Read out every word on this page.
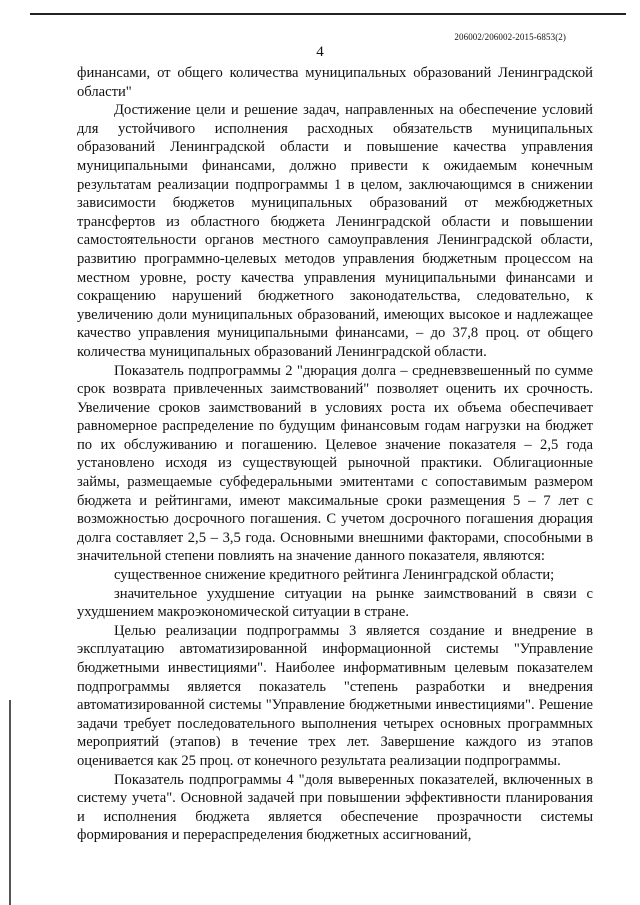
206002/206002-2015-6853(2)
4

финансами, от общего количества муниципальных образований Ленинградской области"

Достижение цели и решение задач, направленных на обеспечение условий для устойчивого исполнения расходных обязательств муниципальных образований Ленинградской области и повышение качества управления муниципальными финансами, должно привести к ожидаемым конечным результатам реализации подпрограммы 1 в целом, заключающимся в снижении зависимости бюджетов муниципальных образований от межбюджетных трансфертов из областного бюджета Ленинградской области и повышении самостоятельности органов местного самоуправления Ленинградской области, развитию программно-целевых методов управления бюджетным процессом на местном уровне, росту качества управления муниципальными финансами и сокращению нарушений бюджетного законодательства, следовательно, к увеличению доли муниципальных образований, имеющих высокое и надлежащее качество управления муниципальными финансами, – до 37,8 проц. от общего количества муниципальных образований Ленинградской области.

Показатель подпрограммы 2 "дюрация долга – средневзвешенный по сумме срок возврата привлеченных заимствований" позволяет оценить их срочность. Увеличение сроков заимствований в условиях роста их объема обеспечивает равномерное распределение по будущим финансовым годам нагрузки на бюджет по их обслуживанию и погашению. Целевое значение показателя – 2,5 года установлено исходя из существующей рыночной практики. Облигационные займы, размещаемые субфедеральными эмитентами с сопоставимым размером бюджета и рейтингами, имеют максимальные сроки размещения 5 – 7 лет с возможностью досрочного погашения. С учетом досрочного погашения дюрация долга составляет 2,5 – 3,5 года. Основными внешними факторами, способными в значительной степени повлиять на значение данного показателя, являются:

существенное снижение кредитного рейтинга Ленинградской области;

значительное ухудшение ситуации на рынке заимствований в связи с ухудшением макроэкономической ситуации в стране.

Целью реализации подпрограммы 3 является создание и внедрение в эксплуатацию автоматизированной информационной системы "Управление бюджетными инвестициями". Наиболее информативным целевым показателем подпрограммы является показатель "степень разработки и внедрения автоматизированной системы "Управление бюджетными инвестициями". Решение задачи требует последовательного выполнения четырех основных программных мероприятий (этапов) в течение трех лет. Завершение каждого из этапов оценивается как 25 проц. от конечного результата реализации подпрограммы.

Показатель подпрограммы 4 "доля выверенных показателей, включенных в систему учета". Основной задачей при повышении эффективности планирования и исполнения бюджета является обеспечение прозрачности системы формирования и перераспределения бюджетных ассигнований,
